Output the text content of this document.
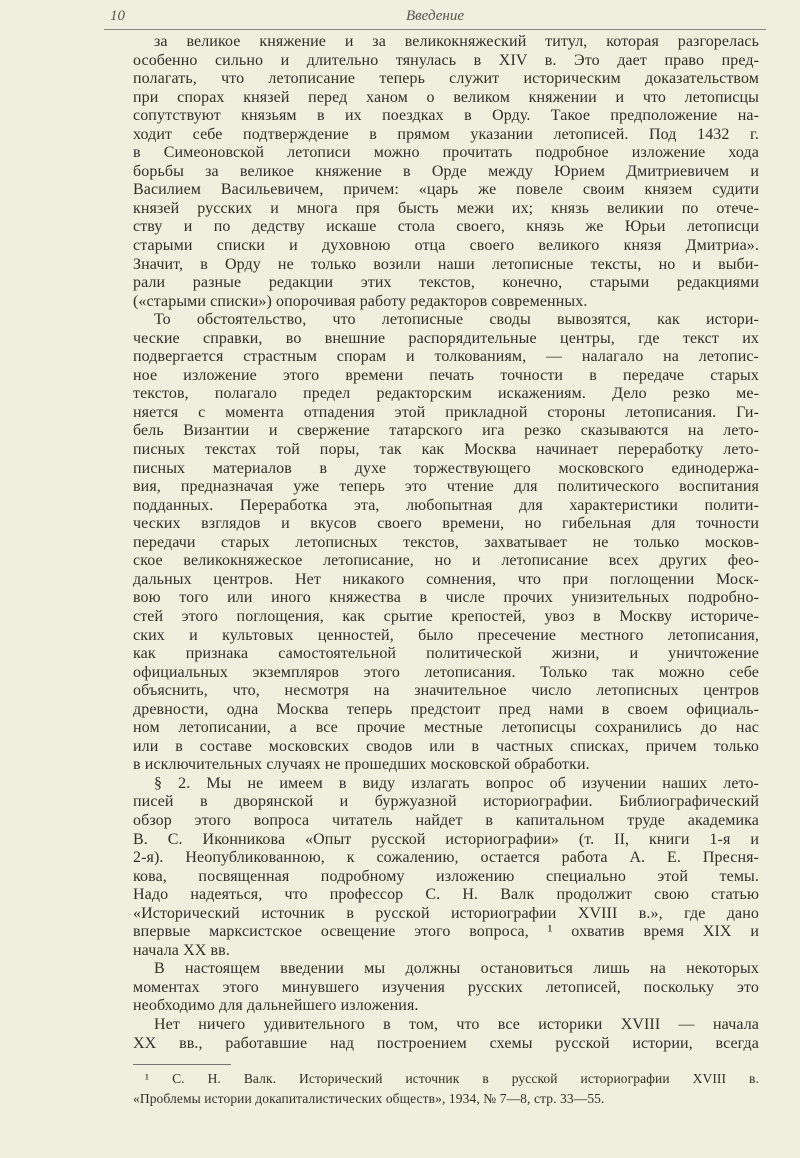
10	Введение
за великое княжение и за великокняжеский титул, которая разгорелась
особенно сильно и длительно тянулась в XIV в. Это дает право пред-
полагать, что летописание теперь служит историческим доказательством
при спорах князей перед ханом о великом княжении и что летописцы
сопутствуют князьям в их поездках в Орду. Такое предположение на-
ходит себе подтверждение в прямом указании летописей. Под 1432 г.
в Симеоновской летописи можно прочитать подробное изложение хода
борьбы за великое княжение в Орде между Юрием Дмитриевичем и
Василием Васильевичем, причем: «царь же повеле своим князем судити
князей русских и многа пря бысть межи их; князь великии по отече-
ству и по дедству искаше стола своего, князь же Юрьи летописци
старыми списки и духовною отца своего великого князя Дмитриа».
Значит, в Орду не только возили наши летописные тексты, но и выби-
рали разные редакции этих текстов, конечно, старыми редакциями
(«старыми списки») опорочивая работу редакторов современных.
То обстоятельство, что летописные своды вывозятся, как истори-
ческие справки, во внешние распорядительные центры, где текст их
подвергается страстным спорам и толкованиям, — налагало на летопис-
ное изложение этого времени печать точности в передаче старых
текстов, полагало предел редакторским искажениям. Дело резко ме-
няется с момента отпадения этой прикладной стороны летописания. Ги-
бель Византии и свержение татарского ига резко сказываются на лето-
писных текстах той поры, так как Москва начинает переработку лето-
писных материалов в духе торжествующего московского единодержа-
вия, предназначая уже теперь это чтение для политического воспитания
подданных. Переработка эта, любопытная для характеристики полити-
ческих взглядов и вкусов своего времени, но гибельная для точности
передачи старых летописных текстов, захватывает не только москов-
ское великокняжеское летописание, но и летописание всех других фео-
дальных центров. Нет никакого сомнения, что при поглощении Моск-
вою того или иного княжества в числе прочих унизительных подробно-
стей этого поглощения, как срытие крепостей, увоз в Москву историче-
ских и культовых ценностей, было пресечение местного летописания,
как признака самостоятельной политической жизни, и уничтожение
официальных экземпляров этого летописания. Только так можно себе
объяснить, что, несмотря на значительное число летописных центров
древности, одна Москва теперь предстоит пред нами в своем официаль-
ном летописании, а все прочие местные летописцы сохранились до нас
или в составе московских сводов или в частных списках, причем только
в исключительных случаях не прошедших московской обработки.
§ 2. Мы не имеем в виду излагать вопрос об изучении наших лето-
писей в дворянской и буржуазной историографии. Библиографический
обзор этого вопроса читатель найдет в капитальном труде академика
В. С. Иконникова «Опыт русской историографии» (т. II, книги 1-я и
2-я). Неопубликованною, к сожалению, остается работа А. Е. Пресня-
кова, посвященная подробному изложению специально этой темы.
Надо надеяться, что профессор С. Н. Валк продолжит свою статью
«Исторический источник в русской историографии XVIII в.», где дано
впервые марксистское освещение этого вопроса, ¹ охватив время XIX и
начала XX вв.
В настоящем введении мы должны остановиться лишь на некоторых
моментах этого минувшего изучения русских летописей, поскольку это
необходимо для дальнейшего изложения.
Нет ничего удивительного в том, что все историки XVIII — начала
XX вв., работавшие над построением схемы русской истории, всегда
¹ С. Н. Валк. Исторический источник в русской историографии XVIII в.
«Проблемы истории докапиталистических обществ», 1934, № 7—8, стр. 33—55.
